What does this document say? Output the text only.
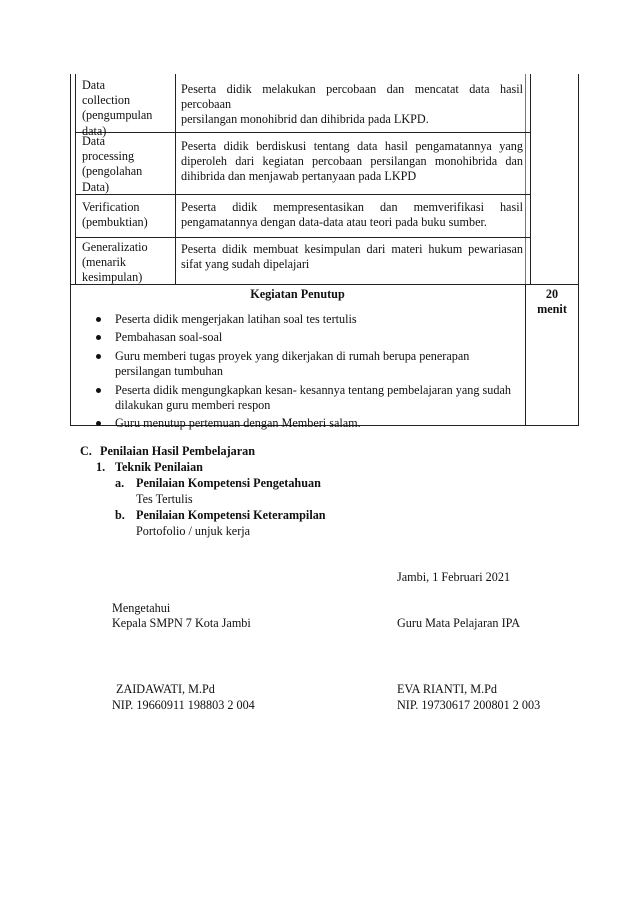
Data
collection
(pengumpulan
data)
Peserta didik melakukan percobaan dan mencatat data hasil percobaan
persilangan monohibrid dan dihibrida pada LKPD.
Data
processing
(pengolahan
Data)
Peserta didik berdiskusi tentang data hasil pengamatannya yang
diperoleh dari kegiatan percobaan persilangan monohibrida dan
dihibrida dan menjawab pertanyaan pada LKPD
Verification
(pembuktian)
Peserta didik mempresentasikan dan memverifikasi hasil
pengamatannya dengan data-data atau teori pada buku sumber.
Generalizatio
(menarik
kesimpulan)
Peserta didik membuat kesimpulan dari materi hukum pewariasan
sifat yang sudah dipelajari
Kegiatan Penutup	20
menit
Peserta didik mengerjakan latihan soal tes tertulis
Pembahasan soal-soal
Guru memberi tugas proyek yang dikerjakan di rumah berupa penerapan persilangan tumbuhan
Peserta didik mengungkapkan kesan- kesannya tentang pembelajaran yang sudah dilakukan guru memberi respon
Guru menutup pertemuan dengan Memberi salam.
C. Penilaian Hasil Pembelajaran
1. Teknik Penilaian
a. Penilaian Kompetensi Pengetahuan
Tes Tertulis
b. Penilaian Kompetensi Keterampilan
Portofolio / unjuk kerja
Jambi, 1 Februari 2021
Mengetahui
Kepala SMPN 7 Kota Jambi	Guru Mata Pelajaran IPA
ZAIDAWATI, M.Pd
NIP. 19660911 198803 2 004
EVA RIANTI, M.Pd
NIP. 19730617 200801 2 003
